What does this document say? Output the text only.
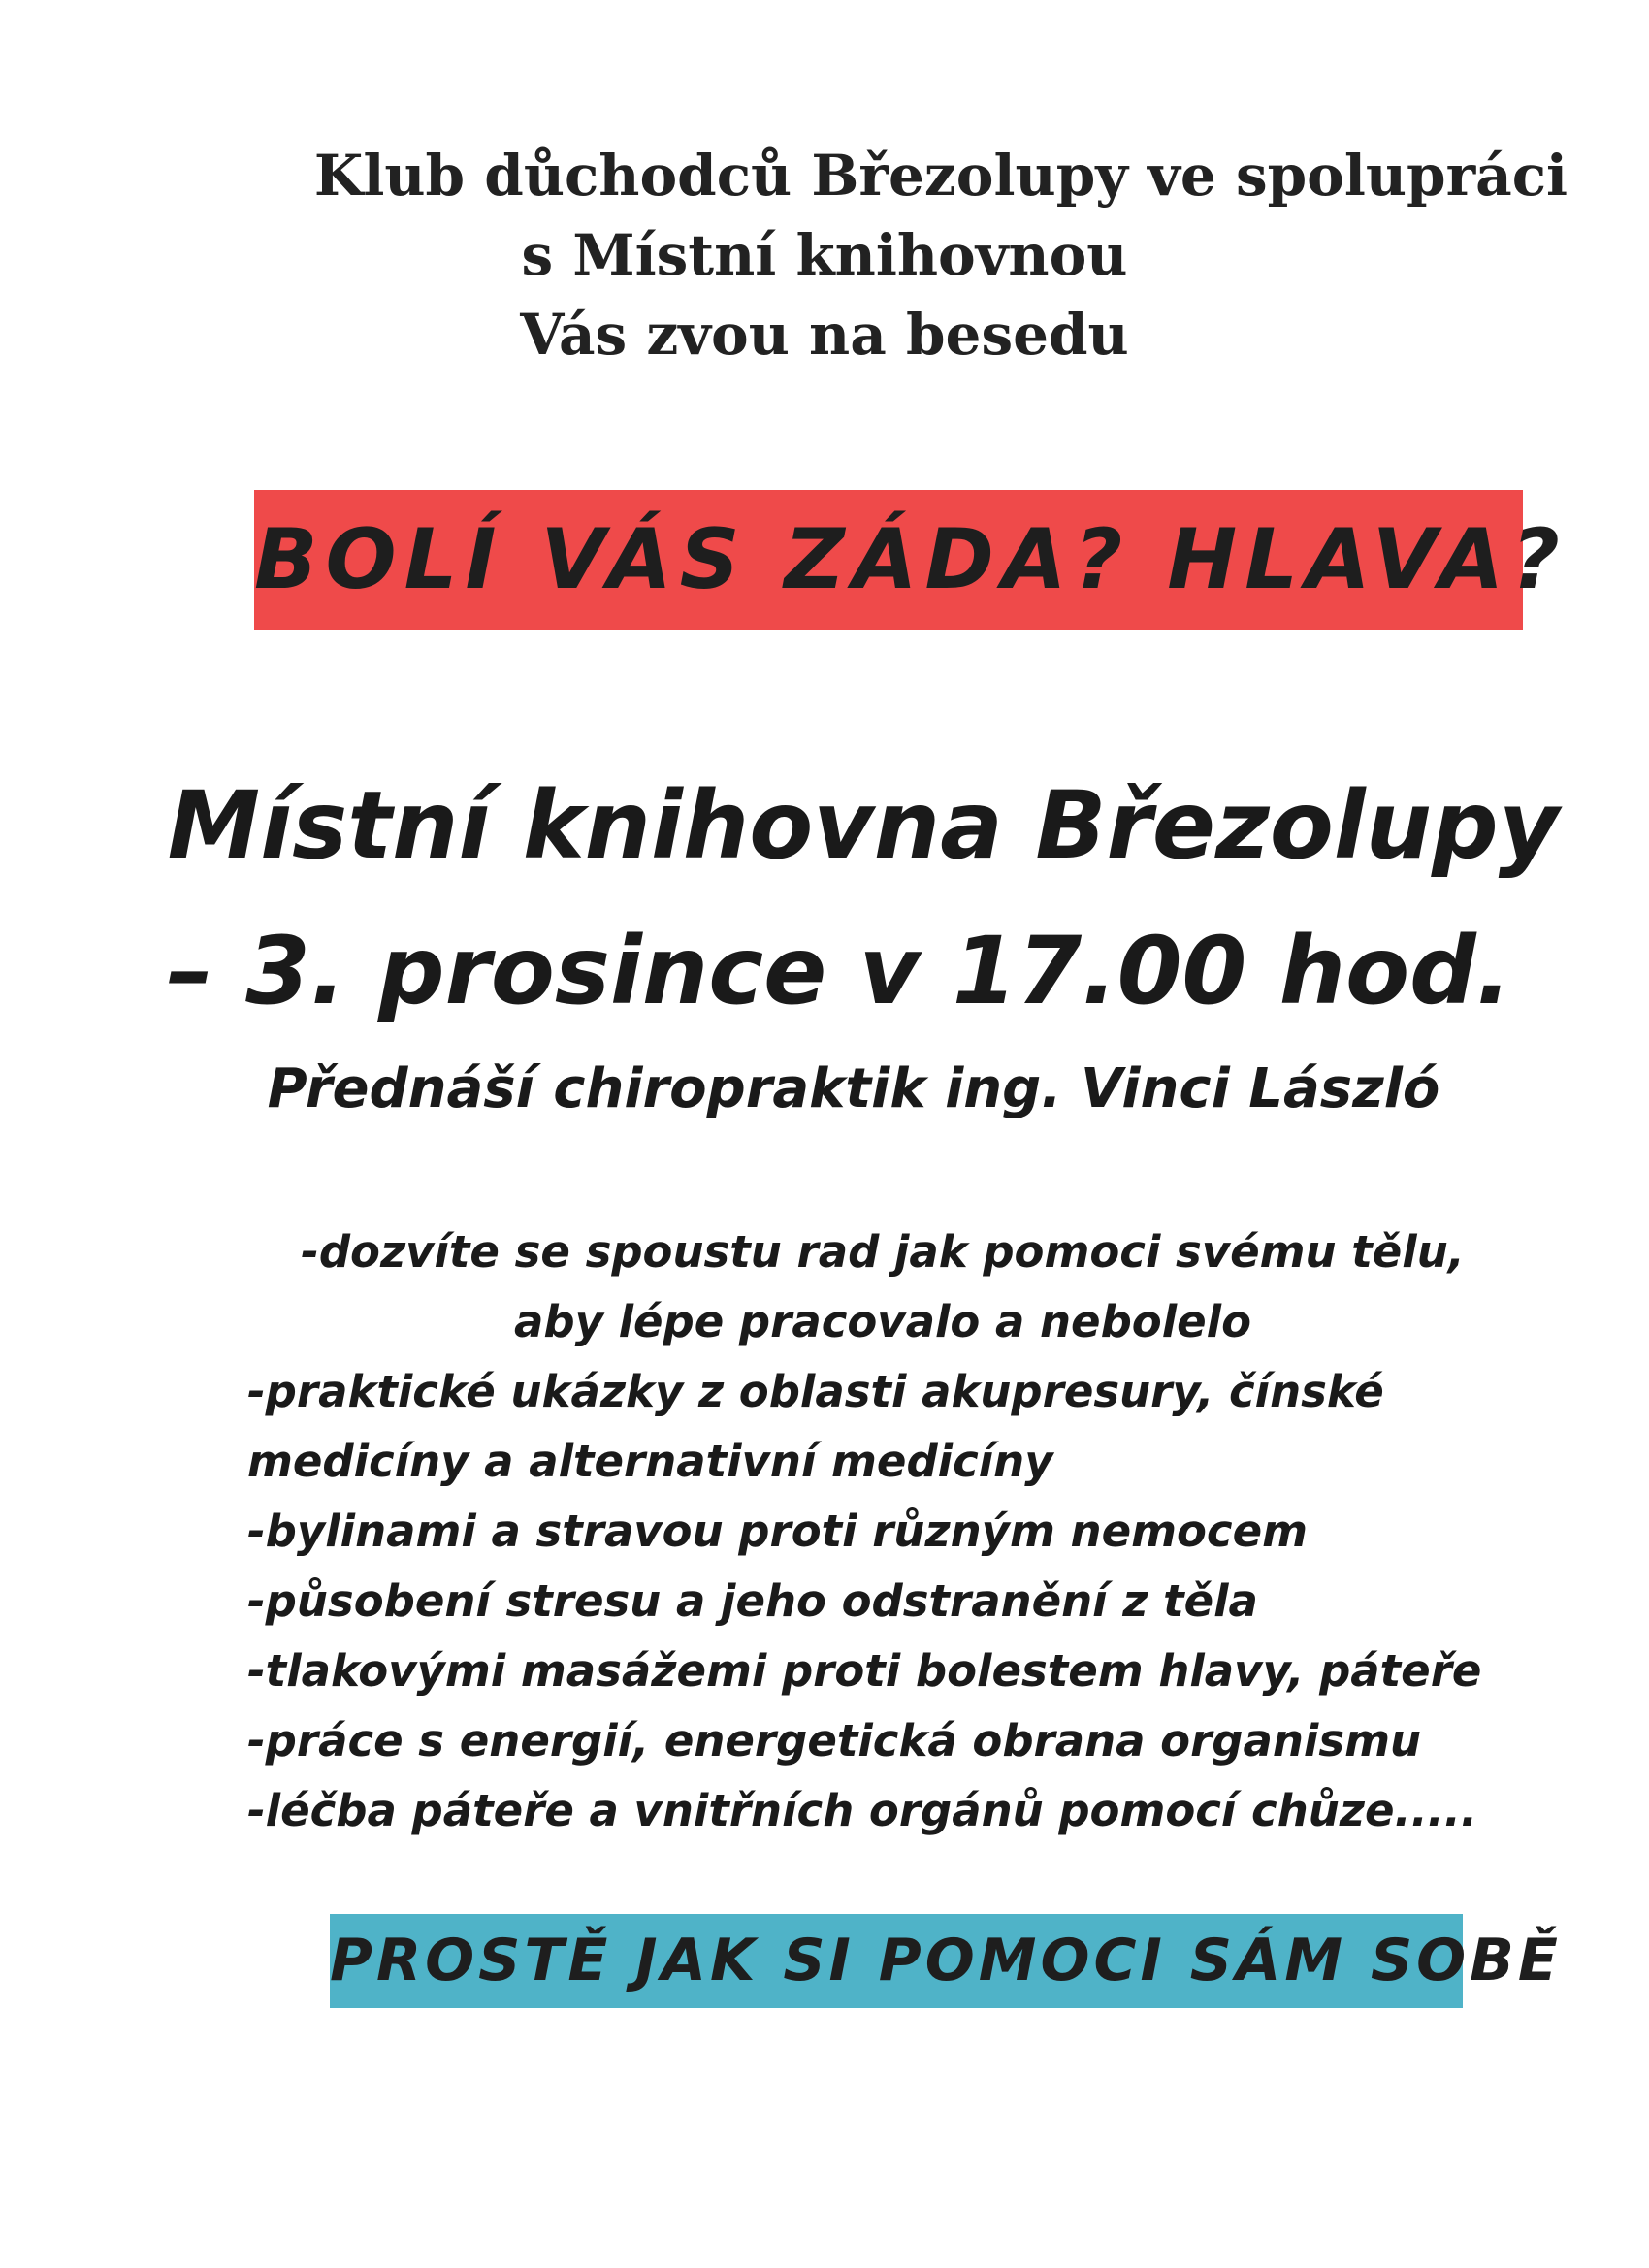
Klub důchodců Březolupy ve spolupráci
s Místní knihovnou
Vás zvou na besedu
BOLÍ VÁS ZÁDA? HLAVA?
Místní knihovna Březolupy
– 3. prosince v 17.00 hod.
Přednáší chiropraktik ing. Vinci László
-dozvíte se spoustu rad jak pomoci svému tělu, aby lépe pracovalo a nebolelo
-praktické ukázky z oblasti akupresury, čínské
medicíny a alternativní medicíny
-bylinami a stravou proti různým nemocem
-působení stresu a jeho odstranění z těla
-tlakovými masážemi proti bolestem hlavy, páteře
-práce s energií, energetická obrana organismu
-léčba páteře a vnitřních orgánů pomocí chůze.....
PROSTĚ JAK SI POMOCI SÁM SOBĚ
